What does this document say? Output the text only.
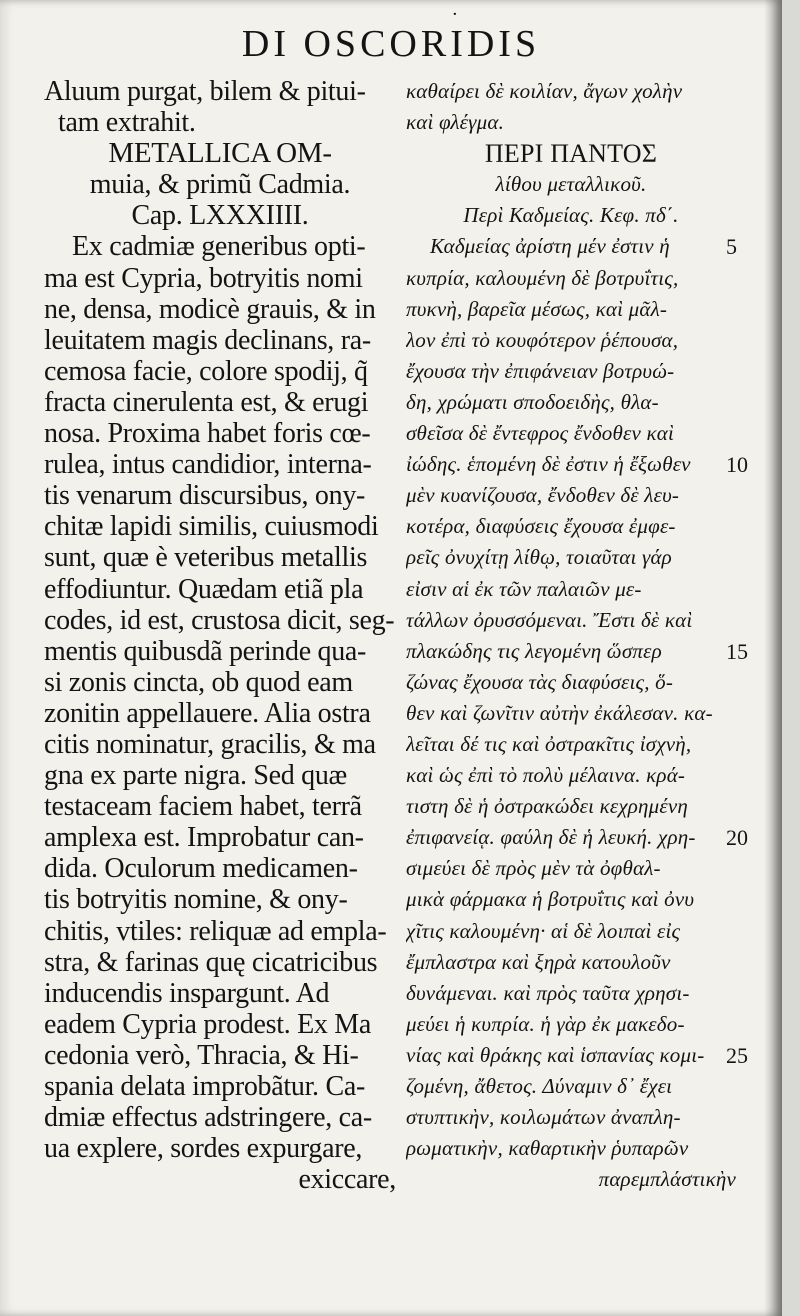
·
DI OSCORIDIS
Aluum purgat, bilem & pitui-
tam extrahit.
METALLICA OM-
muia, & primũ Cadmia.
Cap. LXXXIIII.
Ex cadmiæ generibus opti-
ma est Cypria, botryitis nomi
ne, densa, modicè grauis, & in
leuitatem magis declinans, ra-
cemosa facie, colore spodij, q̃
fracta cinerulenta est, & erugi
nosa. Proxima habet foris cœ-
rulea, intus candidior, interna-
tis venarum discursibus, ony-
chitæ lapidi similis, cuiusmodi
sunt, quæ è veteribus metallis
effodiuntur. Quædam etiã pla
codes, id est, crustosa dicit, seg-
mentis quibusdã perinde qua-
si zonis cincta, ob quod eam
zonitin appellauere. Alia ostra
citis nominatur, gracilis, & ma
gna ex parte nigra. Sed quæ
testaceam faciem habet, terrã
amplexa est. Improbatur can-
dida. Oculorum medicamen-
tis botryitis nomine, & ony-
chitis, vtiles: reliquæ ad empla-
stra, & farinas quę cicatricibus
inducendis inspargunt. Ad
eadem Cypria prodest. Ex Ma
cedonia verò, Thracia, & Hi-
spania delata improbãtur. Ca-
dmiæ effectus adstringere, ca-
ua explere, sordes expurgare,
exiccare,
καθαίρει δὲ κοιλίαν, ἄγων χολὴν
καὶ φλέγμα.
ΠΕΡΙ ΠΑΝΤΟΣ
λίθου μεταλλικοῦ.
Περὶ Καδμείας. Κεφ. πδ΄.
Καδμείας ἀρίστη μέν ἐστιν ἡ
κυπρία, καλουμένη δὲ βοτρυΐτις,
πυκνὴ, βαρεῖα μέσως, καὶ μᾶλ-
λον ἐπὶ τὸ κουφότερον ῥέπουσα,
ἔχουσα τὴν ἐπιφάνειαν βοτρυώ-
δη, χρώματι σποδοειδὴς, θλα-
σθεῖσα δὲ ἔντεφρος ἔνδοθεν καὶ
ἰώδης. ἑπομένη δὲ ἐστιν ἡ ἔξωθεν
μὲν κυανίζουσα, ἔνδοθεν δὲ λευ-
κοτέρα, διαφύσεις ἔχουσα ἐμφε-
ρεῖς ὀνυχίτῃ λίθῳ, τοιαῦται γάρ
εἰσιν αἱ ἐκ τῶν παλαιῶν με-
τάλλων ὀρυσσόμεναι. Ἔστι δὲ καὶ
πλακώδης τις λεγομένη ὥσπερ
ζώνας ἔχουσα τὰς διαφύσεις, ὅ-
θεν καὶ ζωνῖτιν αὐτὴν ἐκάλεσαν. κα-
λεῖται δέ τις καὶ ὀστρακῖτις ἰσχνὴ,
καὶ ὡς ἐπὶ τὸ πολὺ μέλαινα. κρά-
τιστη δὲ ἡ ὀστρακώδει κεχρημένη
ἐπιφανείᾳ. φαύλη δὲ ἡ λευκή. χρη-
σιμεύει δὲ πρὸς μὲν τὰ ὀφθαλ-
μικὰ φάρμακα ἡ βοτρυΐτις καὶ ὀνυ
χῖτις καλουμένη· αἱ δὲ λοιπαὶ εἰς
ἔμπλαστρα καὶ ξηρὰ κατουλοῦν
δυνάμεναι. καὶ πρὸς ταῦτα χρησι-
μεύει ἡ κυπρία. ἡ γὰρ ἐκ μακεδο-
νίας καὶ θράκης καὶ ἱσπανίας κομι-
ζομένη, ἄθετος. Δύναμιν δ᾽ ἔχει
στυπτικὴν, κοιλωμάτων ἀναπλη-
ρωματικὴν, καθαρτικὴν ῥυπαρῶν
παρεμπλάστικὴν
5
10
15
20
25
